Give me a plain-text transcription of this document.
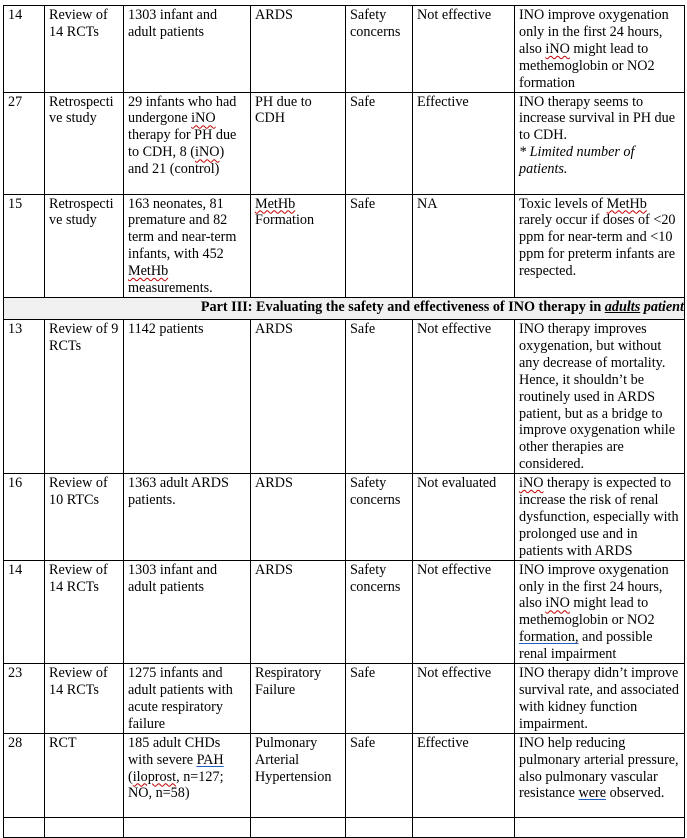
14	Review of 14 RCTs	1303 infant and adult patients	ARDS	Safety concerns	Not effective	INO improve oxygenation only in the first 24 hours, also iNO might lead to methemoglobin or NO2 formation
27	Retrospective study	29 infants who had undergone iNO therapy for PH due to CDH, 8 (iNO) and 21 (control)	PH due to CDH	Safe	Effective	INO therapy seems to increase survival in PH due to CDH.
* Limited number of patients.

15	Retrospective study	163 neonates, 81 premature and 82 term and near-term infants, with 452 MetHb measurements.	MetHb Formation	Safe	NA	Toxic levels of MetHb rarely occur if doses of <20 ppm for near-term and <10 ppm for preterm infants are respected.
Part III: Evaluating the safety and effectiveness of INO therapy in adults patient						
13	Review of 9 RCTs	1142 patients	ARDS	Safe	Not effective	INO therapy improves oxygenation, but without any decrease of mortality. Hence, it shouldn’t be routinely used in ARDS patient, but as a bridge to improve oxygenation while other therapies are considered.
16	Review of 10 RTCs	1363 adult ARDS patients.	ARDS	Safety concerns	Not evaluated	iNO therapy is expected to increase the risk of renal dysfunction, especially with prolonged use and in patients with ARDS
14	Review of 14 RCTs	1303 infant and adult patients	ARDS	Safety concerns	Not effective	INO improve oxygenation only in the first 24 hours, also iNO might lead to methemoglobin or NO2 formation, and possible renal impairment
23	Review of 14 RCTs	1275 infants and adult patients with acute respiratory failure	Respiratory Failure	Safe	Not effective	INO therapy didn’t improve survival rate, and associated with kidney function impairment.
28	RCT	185 adult CHDs with severe PAH (iloprost, n=127; NO, n=58)	Pulmonary Arterial Hypertension	Safe	Effective	INO help reducing pulmonary arterial pressure, also pulmonary vascular resistance were observed.
